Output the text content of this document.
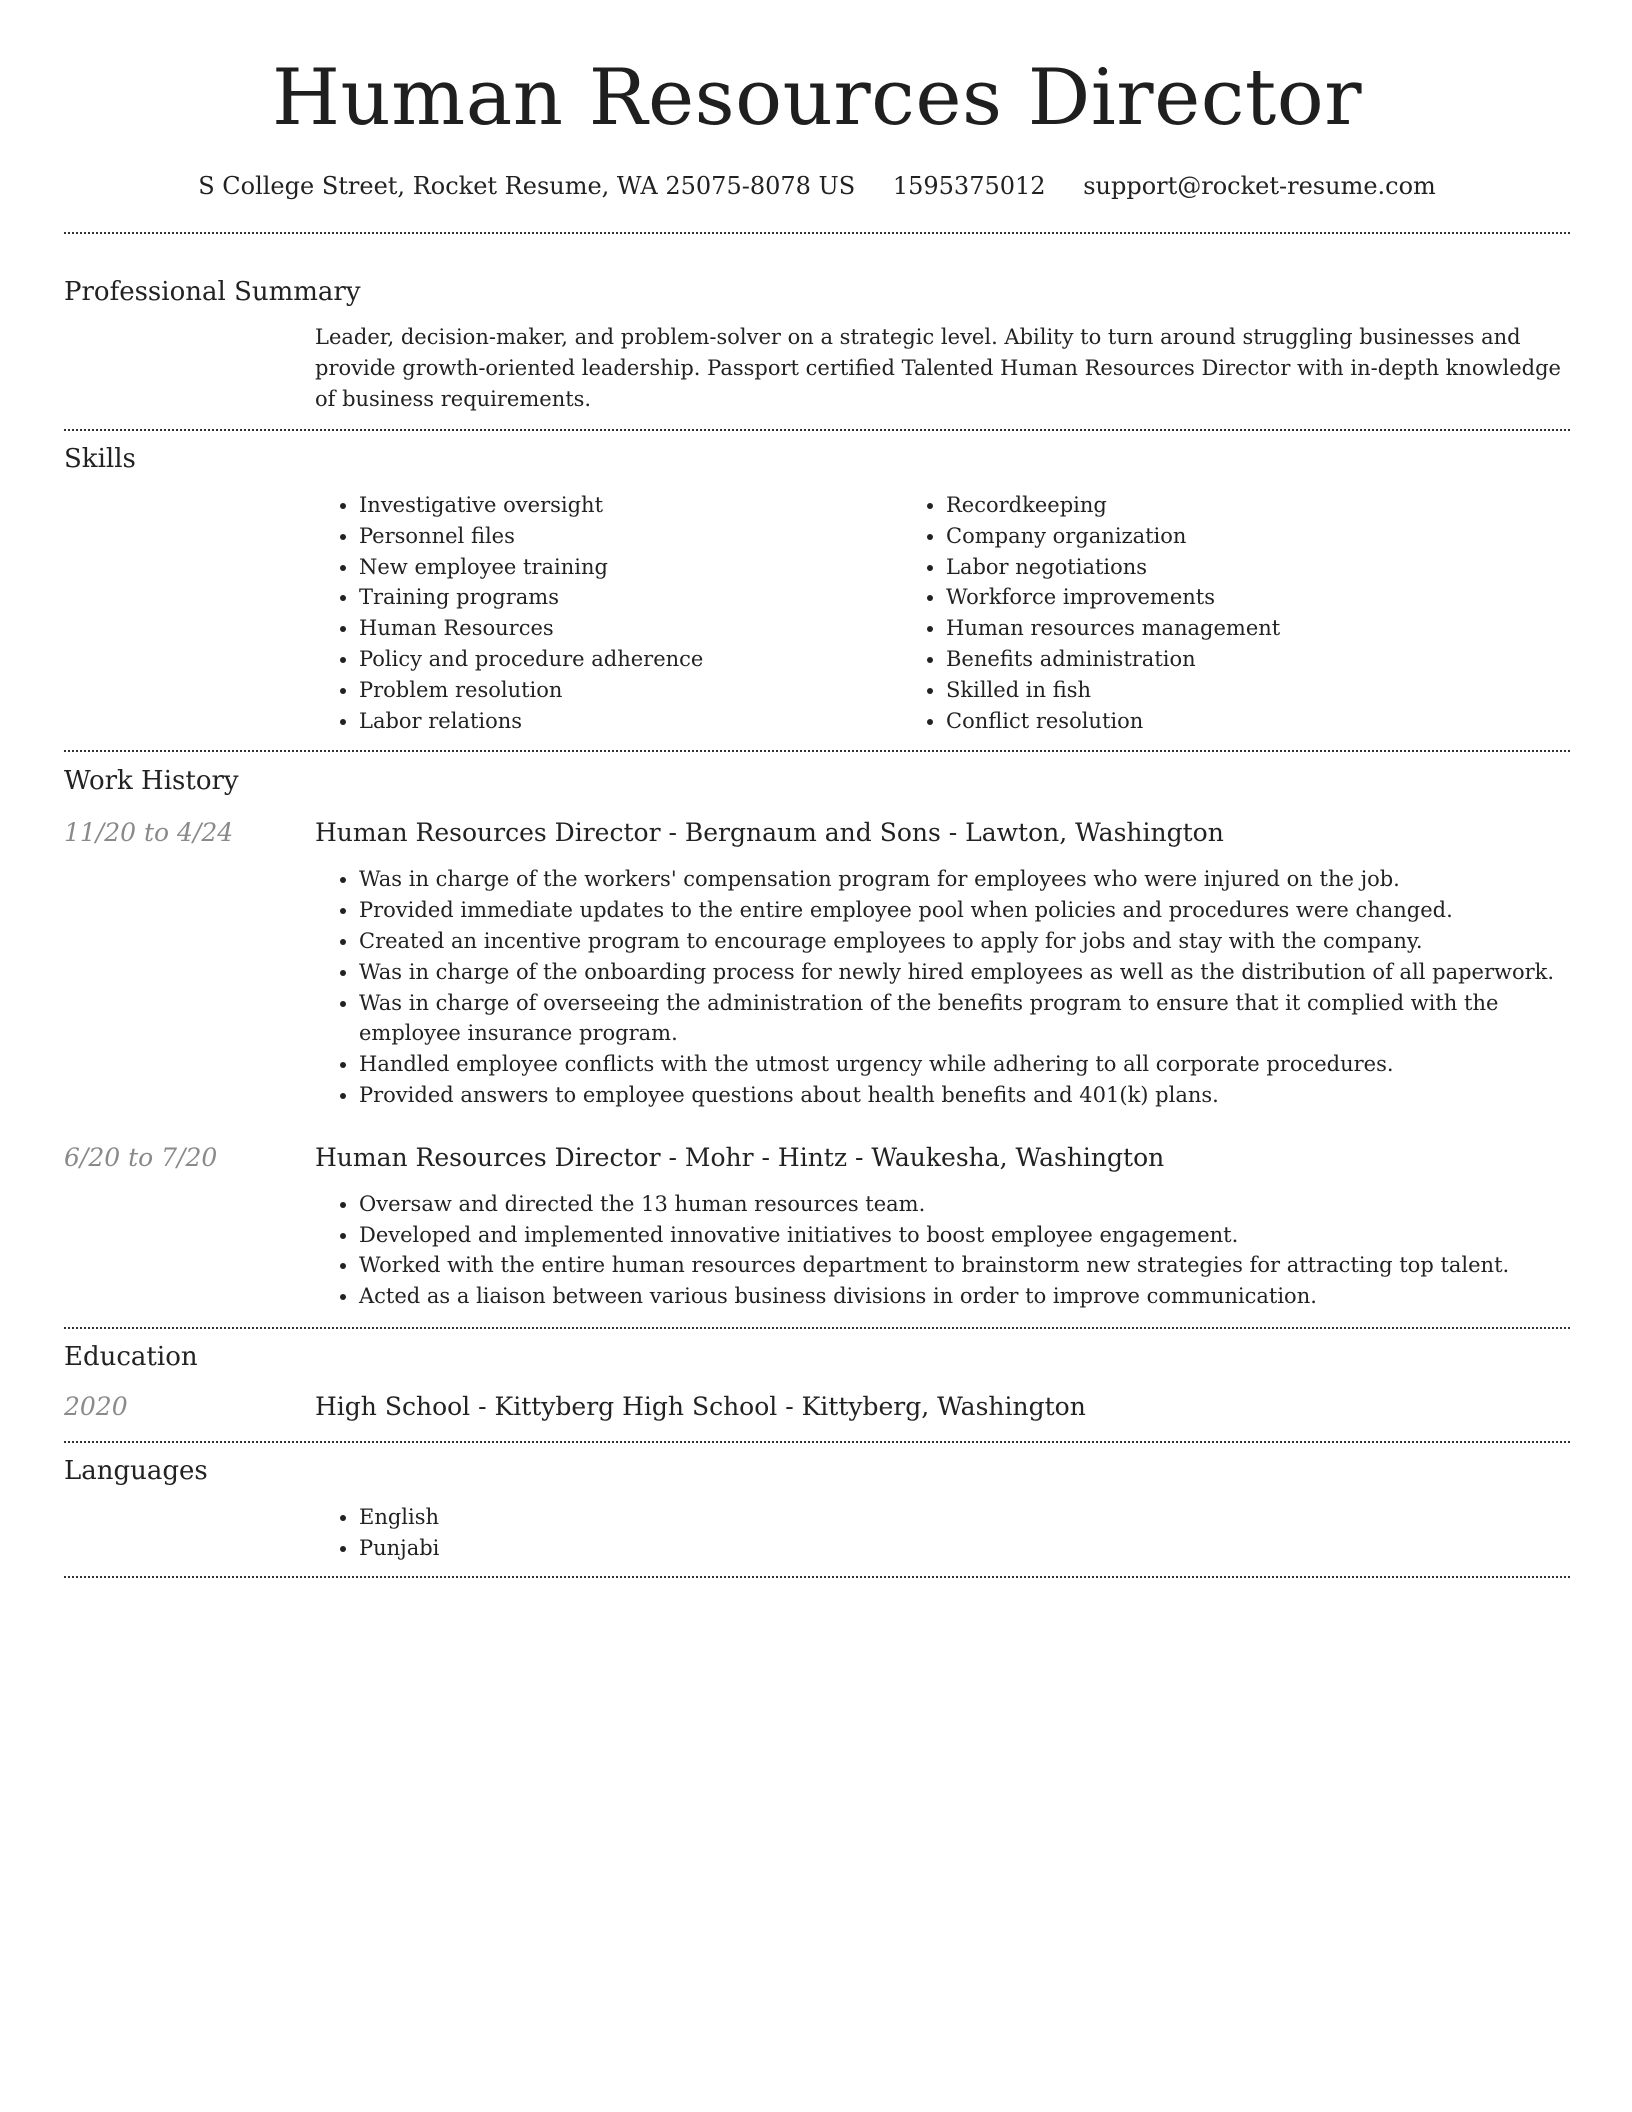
Human Resources Director
S College Street, Rocket Resume, WA 25075-8078 US 1595375012 support@rocket-resume.com
Professional Summary
Leader, decision-maker, and problem-solver on a strategic level. Ability to turn around struggling businesses and provide growth-oriented leadership. Passport certified Talented Human Resources Director with in-depth knowledge of business requirements.
Skills
• Investigative oversight
• Personnel files
• New employee training
• Training programs
• Human Resources
• Policy and procedure adherence
• Problem resolution
• Labor relations
• Recordkeeping
• Company organization
• Labor negotiations
• Workforce improvements
• Human resources management
• Benefits administration
• Skilled in fish
• Conflict resolution
Work History
11/20 to 4/24	Human Resources Director - Bergnaum and Sons - Lawton, Washington
• Was in charge of the workers' compensation program for employees who were injured on the job.
• Provided immediate updates to the entire employee pool when policies and procedures were changed.
• Created an incentive program to encourage employees to apply for jobs and stay with the company.
• Was in charge of the onboarding process for newly hired employees as well as the distribution of all paperwork.
• Was in charge of overseeing the administration of the benefits program to ensure that it complied with the employee insurance program.
• Handled employee conflicts with the utmost urgency while adhering to all corporate procedures.
• Provided answers to employee questions about health benefits and 401(k) plans.
6/20 to 7/20	Human Resources Director - Mohr - Hintz - Waukesha, Washington
• Oversaw and directed the 13 human resources team.
• Developed and implemented innovative initiatives to boost employee engagement.
• Worked with the entire human resources department to brainstorm new strategies for attracting top talent.
• Acted as a liaison between various business divisions in order to improve communication.
Education
2020	High School - Kittyberg High School - Kittyberg, Washington
Languages
• English
• Punjabi
